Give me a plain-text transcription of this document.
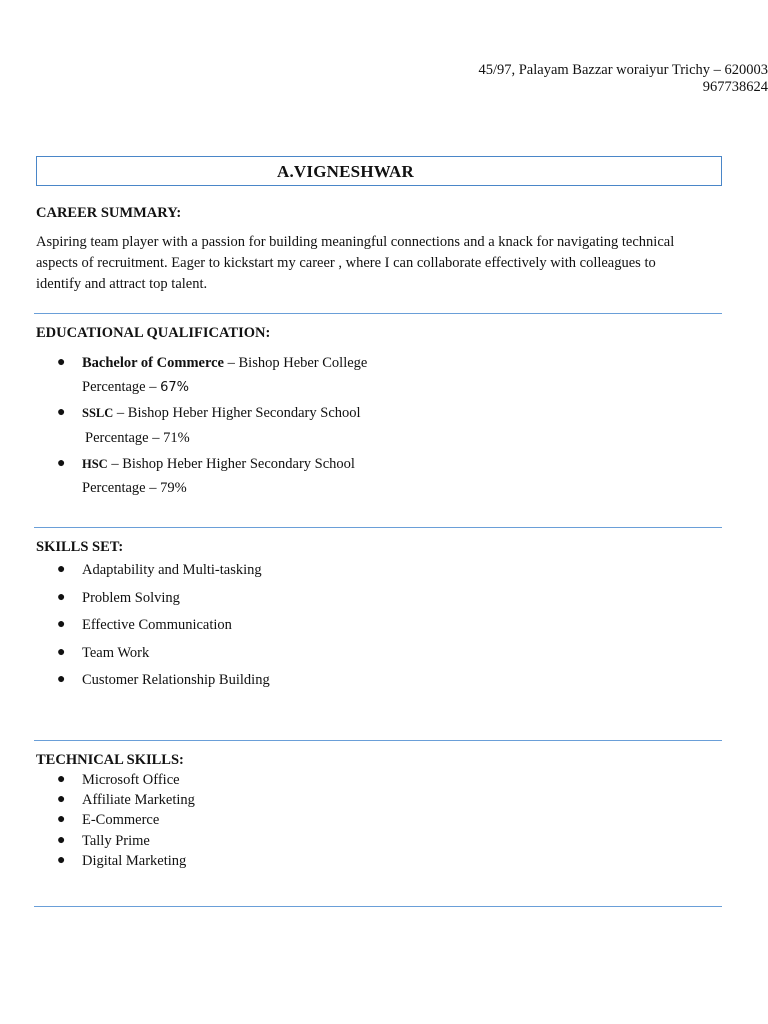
45/97, Palayam Bazzar woraiyur Trichy – 620003
967738624
A.VIGNESHWAR
CAREER SUMMARY:
Aspiring team player with a passion for building meaningful connections and a knack for navigating technical aspects of recruitment. Eager to kickstart my career , where I can collaborate effectively with colleagues to identify and attract top talent.
EDUCATIONAL QUALIFICATION:
● Bachelor of Commerce – Bishop Heber College
Percentage – 67%
● SSLC – Bishop Heber Higher Secondary School
Percentage – 71%
● HSC – Bishop Heber Higher Secondary School
Percentage – 79%
SKILLS SET:
● Adaptability and Multi-tasking
● Problem Solving
● Effective Communication
● Team Work
● Customer Relationship Building
TECHNICAL SKILLS:
● Microsoft Office
● Affiliate Marketing
● E-Commerce
● Tally Prime
● Digital Marketing
